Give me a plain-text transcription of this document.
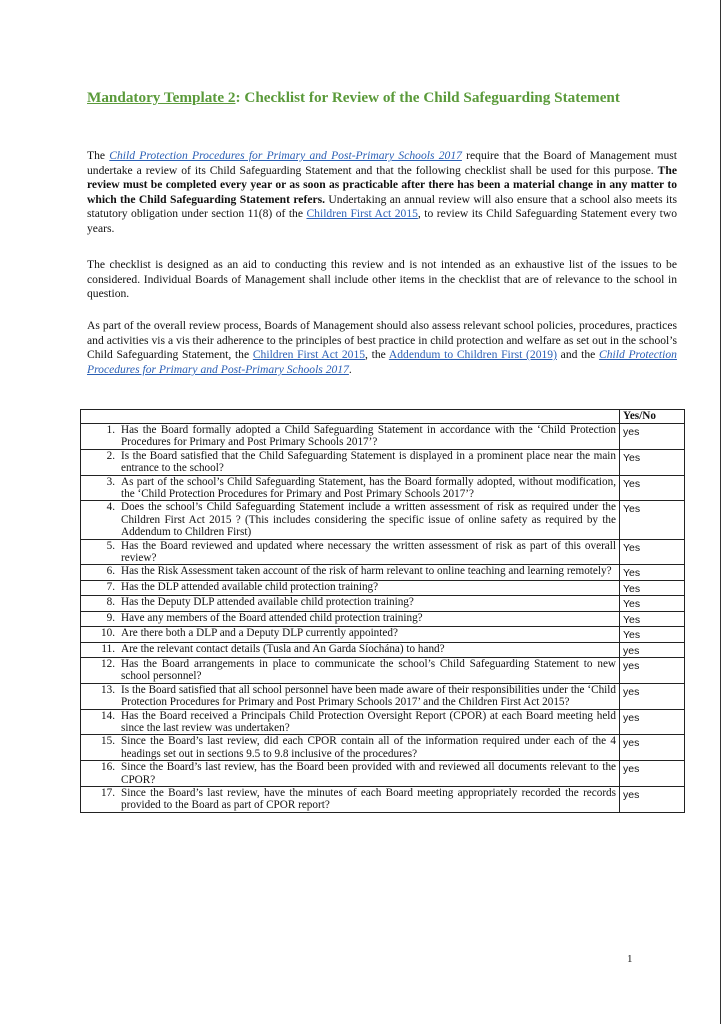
Mandatory Template 2: Checklist for Review of the Child Safeguarding Statement
The Child Protection Procedures for Primary and Post-Primary Schools 2017 require that the Board of Management must undertake a review of its Child Safeguarding Statement and that the following checklist shall be used for this purpose. The review must be completed every year or as soon as practicable after there has been a material change in any matter to which the Child Safeguarding Statement refers. Undertaking an annual review will also ensure that a school also meets its statutory obligation under section 11(8) of the Children First Act 2015, to review its Child Safeguarding Statement every two years.
The checklist is designed as an aid to conducting this review and is not intended as an exhaustive list of the issues to be considered. Individual Boards of Management shall include other items in the checklist that are of relevance to the school in question.
As part of the overall review process, Boards of Management should also assess relevant school policies, procedures, practices and activities vis a vis their adherence to the principles of best practice in child protection and welfare as set out in the school’s Child Safeguarding Statement, the Children First Act 2015, the Addendum to Children First (2019) and the Child Protection Procedures for Primary and Post-Primary Schools 2017.
	Yes/No

1. Has the Board formally adopted a Child Safeguarding Statement in accordance with the ‘Child Protection Procedures for Primary and Post Primary Schools 2017’?	yes

2. Is the Board satisfied that the Child Safeguarding Statement is displayed in a prominent place near the main entrance to the school?	Yes

3. As part of the school’s Child Safeguarding Statement, has the Board formally adopted, without modification, the ‘Child Protection Procedures for Primary and Post Primary Schools 2017’?	Yes

4. Does the school’s Child Safeguarding Statement include a written assessment of risk as required under the Children First Act 2015 ? (This includes considering the specific issue of online safety as required by the Addendum to Children First)	Yes

5. Has the Board reviewed and updated where necessary the written assessment of risk as part of this overall review?	Yes

6. Has the Risk Assessment taken account of the risk of harm relevant to online teaching and learning remotely?	Yes

7. Has the DLP attended available child protection training?	Yes

8. Has the Deputy DLP attended available child protection training?	Yes

9. Have any members of the Board attended child protection training?	Yes

10. Are there both a DLP and a Deputy DLP currently appointed?	Yes

11. Are the relevant contact details (Tusla and An Garda Síochána) to hand?	yes

12. Has the Board arrangements in place to communicate the school’s Child Safeguarding Statement to new school personnel?	yes

13. Is the Board satisfied that all school personnel have been made aware of their responsibilities under the ‘Child Protection Procedures for Primary and Post Primary Schools 2017’ and the Children First Act 2015?	yes

14. Has the Board received a Principals Child Protection Oversight Report (CPOR) at each Board meeting held since the last review was undertaken?	yes

15. Since the Board’s last review, did each CPOR contain all of the information required under each of the 4 headings set out in sections 9.5 to 9.8 inclusive of the procedures?	yes

16. Since the Board’s last review, has the Board been provided with and reviewed all documents relevant to the CPOR?	yes

17. Since the Board’s last review, have the minutes of each Board meeting appropriately recorded the records provided to the Board as part of CPOR report?	yes
1
